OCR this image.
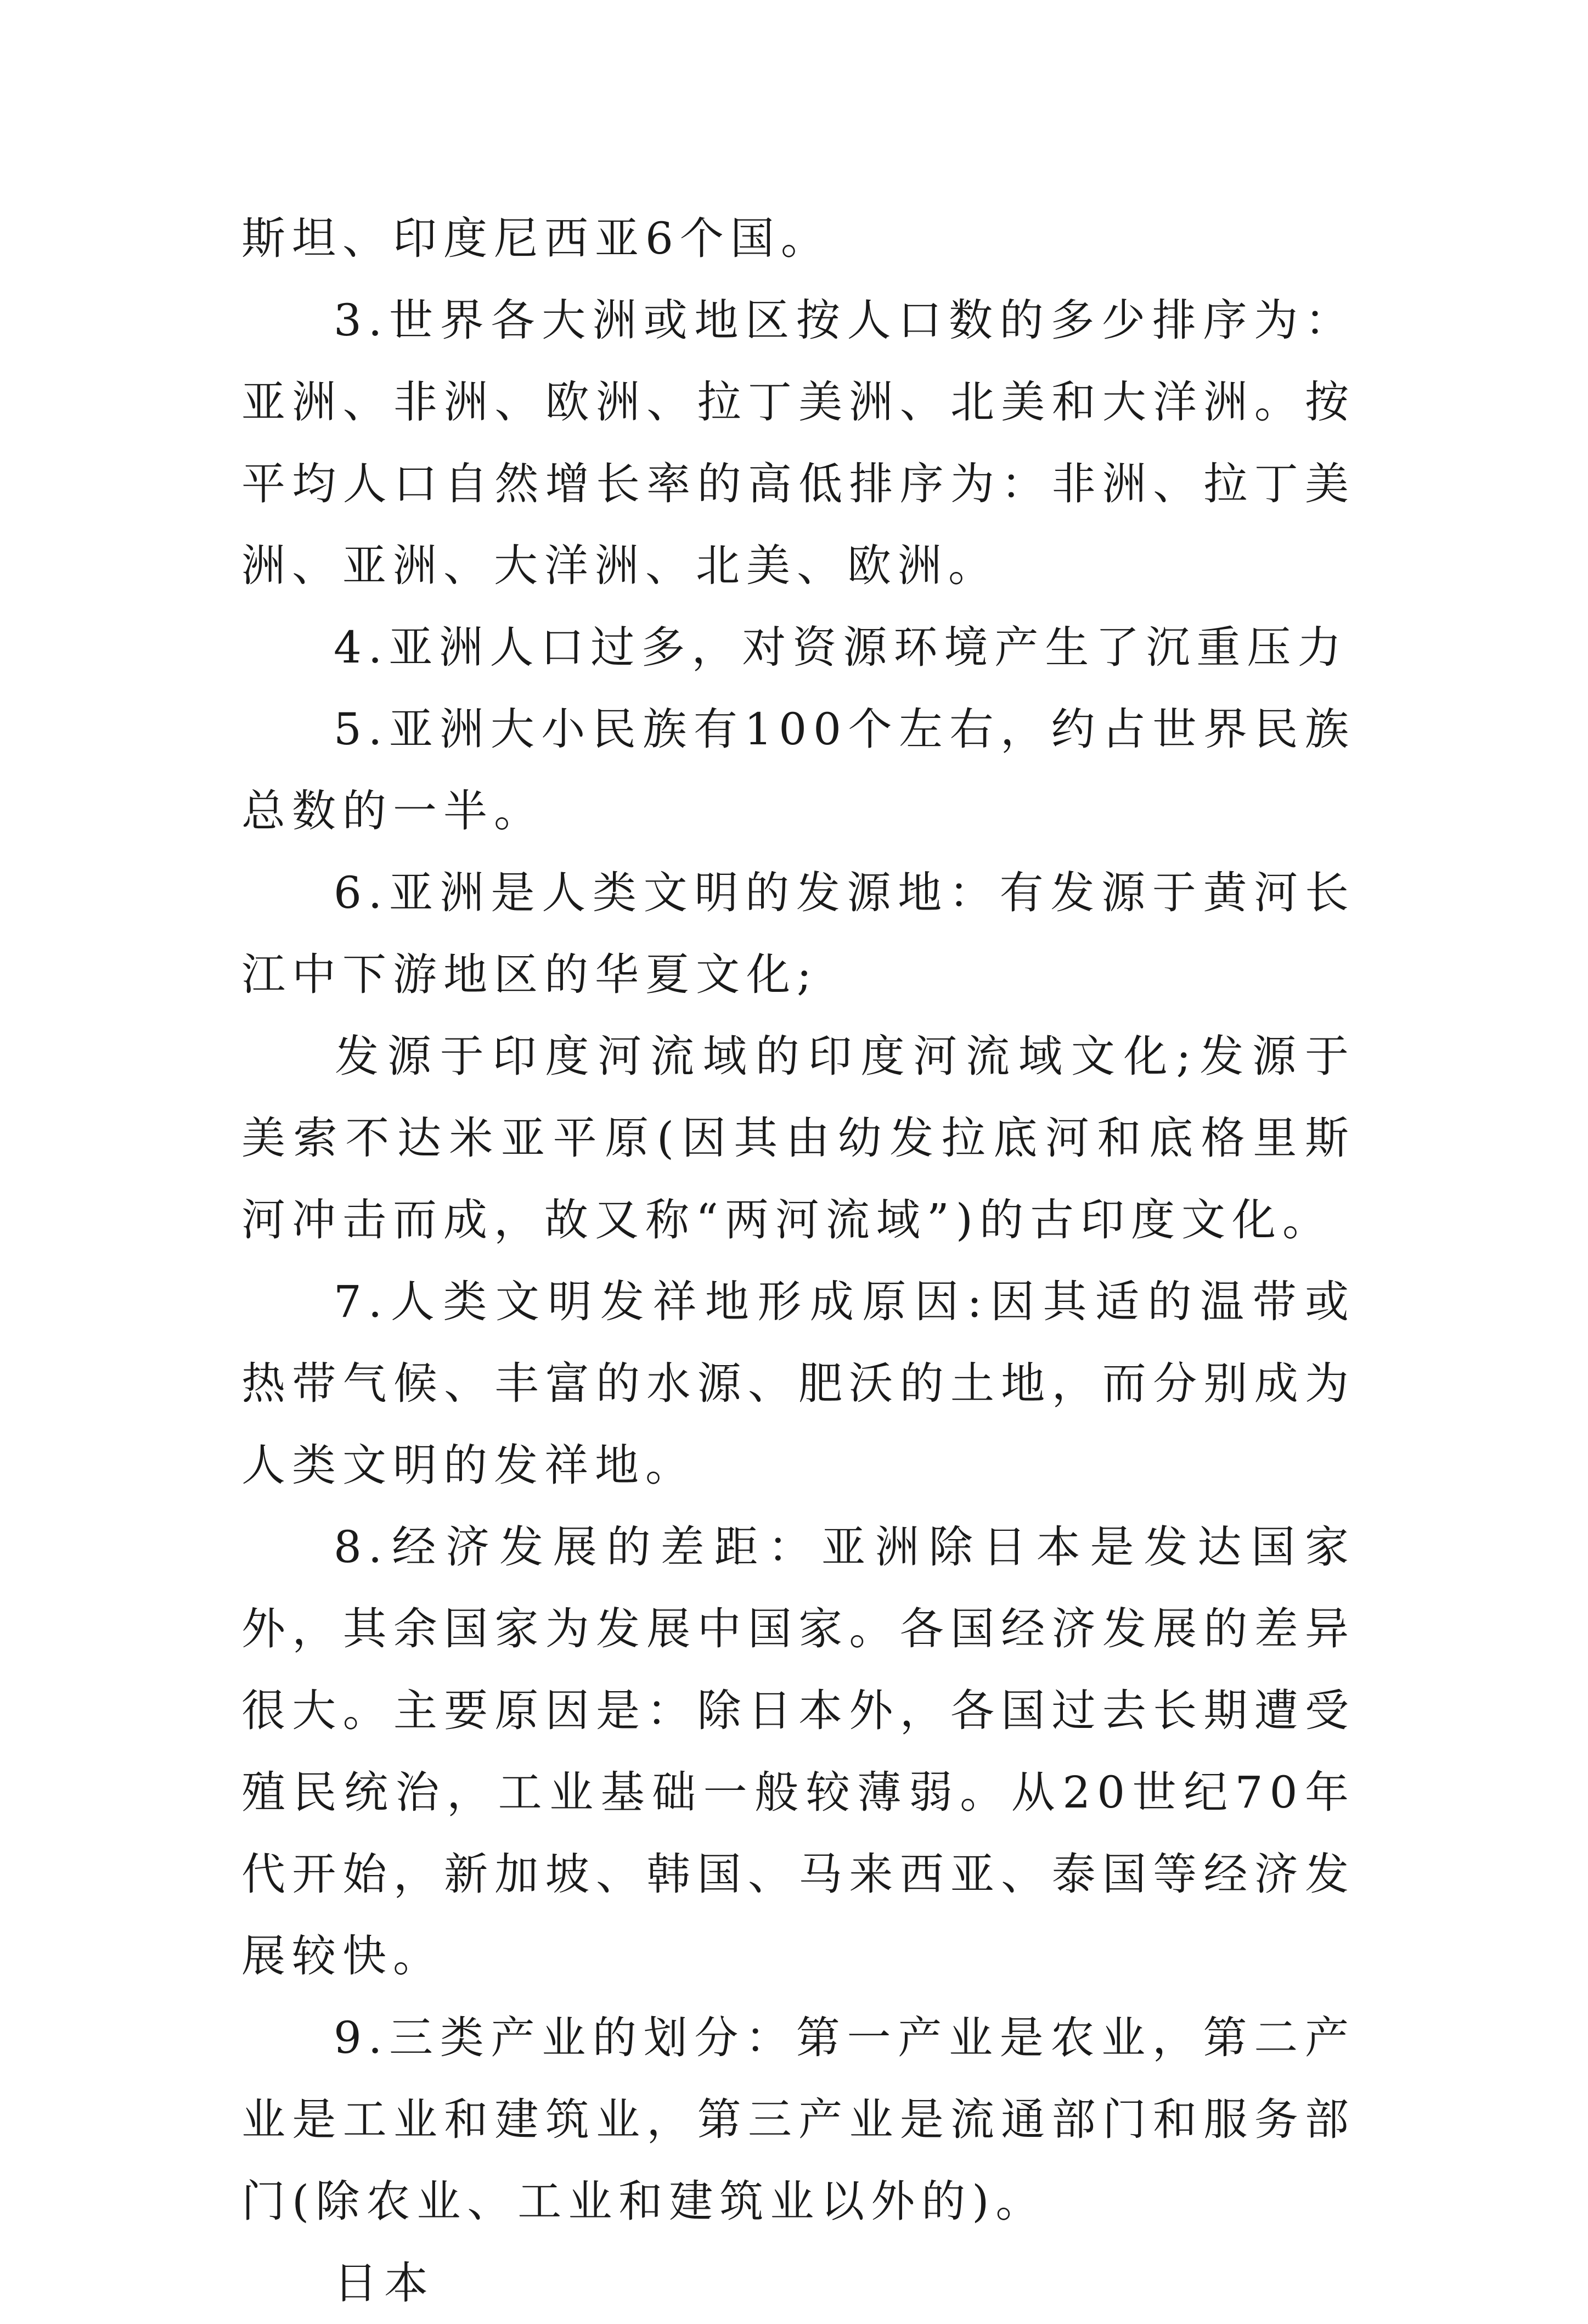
斯坦、印度尼西亚6个国。

3.世界各大洲或地区按人口数的多少排序为：亚洲、非洲、欧洲、拉丁美洲、北美和大洋洲。按平均人口自然增长率的高低排序为：非洲、拉丁美洲、亚洲、大洋洲、北美、欧洲。

4.亚洲人口过多，对资源环境产生了沉重压力

5.亚洲大小民族有100个左右，约占世界民族总数的一半。

6.亚洲是人类文明的发源地：有发源于黄河长江中下游地区的华夏文化;

发源于印度河流域的印度河流域文化;发源于美索不达米亚平原(因其由幼发拉底河和底格里斯河冲击而成，故又称“两河流域”)的古印度文化。

7.人类文明发祥地形成原因:因其适的温带或热带气候、丰富的水源、肥沃的土地，而分别成为人类文明的发祥地。

8.经济发展的差距：亚洲除日本是发达国家外，其余国家为发展中国家。各国经济发展的差异很大。主要原因是：除日本外，各国过去长期遭受殖民统治，工业基础一般较薄弱。从20世纪70年代开始，新加坡、韩国、马来西亚、泰国等经济发展较快。

9.三类产业的划分：第一产业是农业，第二产业是工业和建筑业，第三产业是流通部门和服务部门(除农业、工业和建筑业以外的)。

日本
